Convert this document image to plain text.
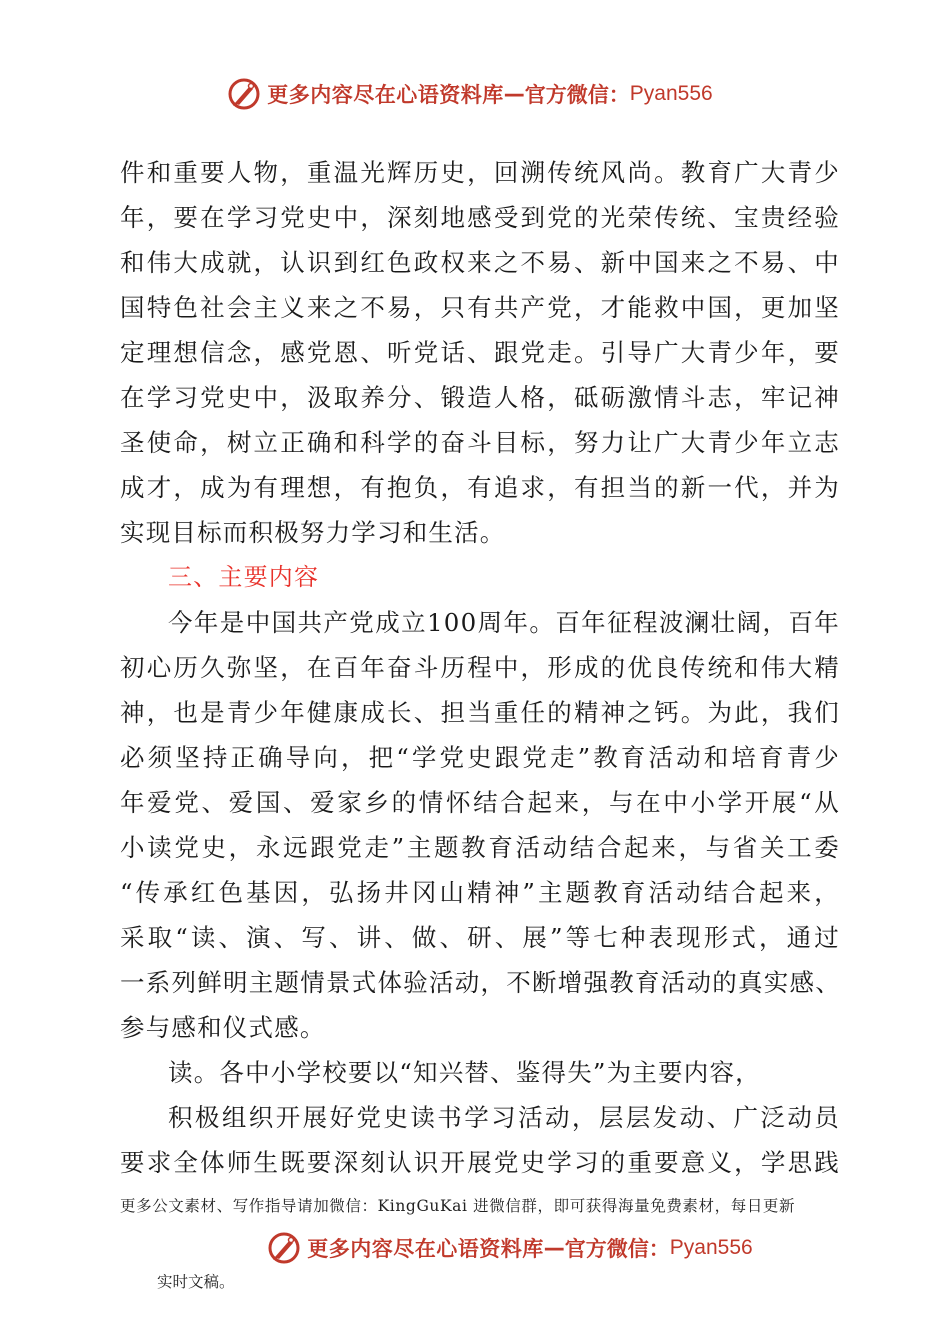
更多内容尽在心语资料库 — 官方微信： Pyan556
件和重要人物，重温光辉历史，回溯传统风尚。教育广大青少
年，要在学习党史中，深刻地感受到党的光荣传统、宝贵经验
和伟大成就，认识到红色政权来之不易、新中国来之不易、中
国特色社会主义来之不易，只有共产党，才能救中国，更加坚
定理想信念，感党恩、听党话、跟党走。引导广大青少年，要
在学习党史中，汲取养分、锻造人格，砥砺激情斗志，牢记神
圣使命，树立正确和科学的奋斗目标，努力让广大青少年立志
成才，成为有理想，有抱负，有追求，有担当的新一代，并为
实现目标而积极努力学习和生活。
三、主要内容
今年是中国共产党成立100周年。百年征程波澜壮阔，百年
初心历久弥坚，在百年奋斗历程中，形成的优良传统和伟大精
神，也是青少年健康成长、担当重任的精神之钙。为此，我们
必须坚持正确导向，把“学党史跟党走”教育活动和培育青少
年爱党、爱国、爱家乡的情怀结合起来，与在中小学开展“从
小读党史，永远跟党走”主题教育活动结合起来，与省关工委
“传承红色基因，弘扬井冈山精神”主题教育活动结合起来，
采取“读、演、写、讲、做、研、展”等七种表现形式，通过
一系列鲜明主题情景式体验活动，不断增强教育活动的真实感、
参与感和仪式感。
读。各中小学校要以“知兴替、鉴得失”为主要内容，
积极组织开展好党史读书学习活动，层层发动、广泛动员
要求全体师生既要深刻认识开展党史学习的重要意义，学思践
更多公文素材、写作指导请加微信：KingGuKai 进微信群，即可获得海量免费素材，每日更新
更多内容尽在心语资料库 — 官方微信： Pyan556
实时文稿。
